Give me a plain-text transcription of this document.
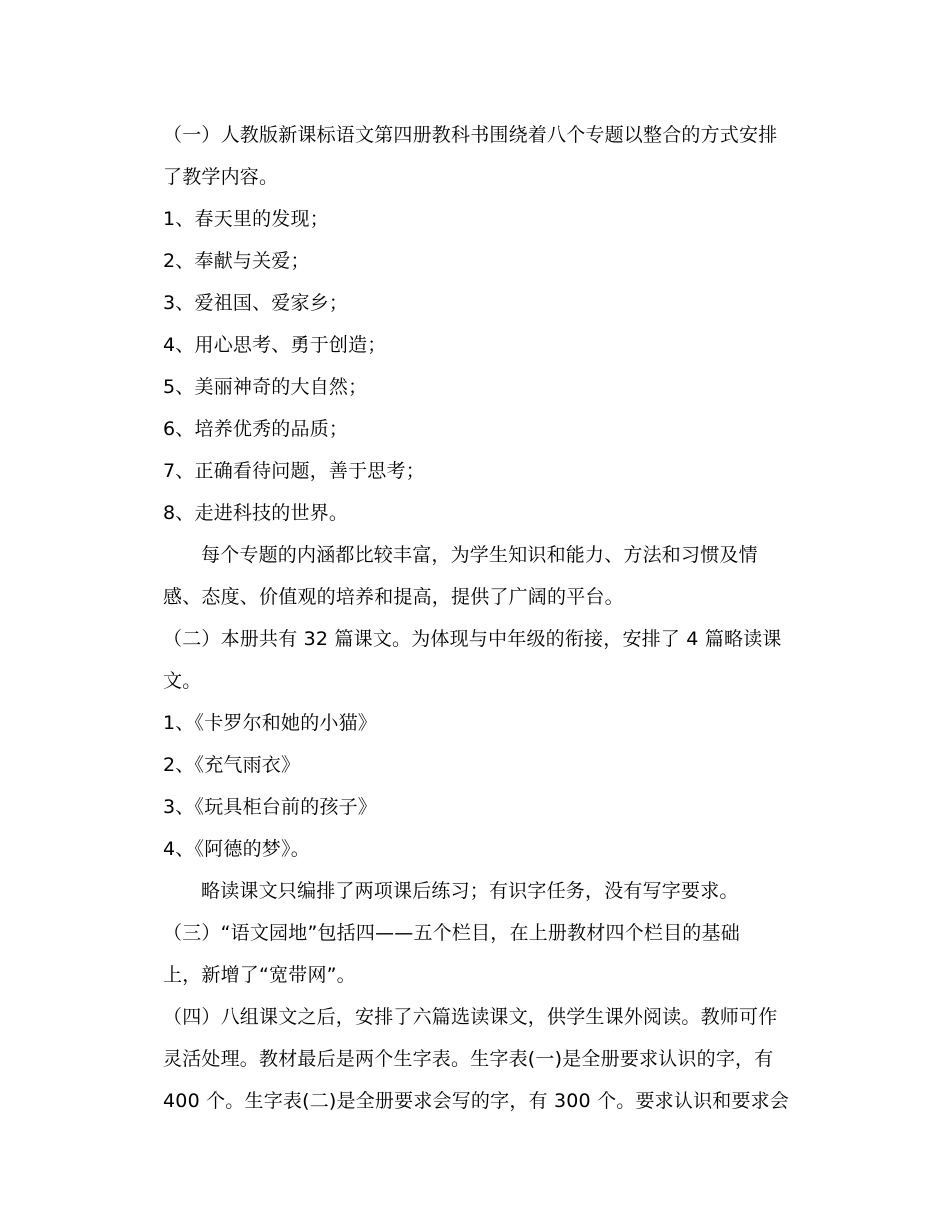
（一）人教版新课标语文第四册教科书围绕着八个专题以整合的方式安排
了教学内容。
1、春天里的发现；
2、奉献与关爱；
3、爱祖国、爱家乡；
4、用心思考、勇于创造；
5、美丽神奇的大自然；
6、培养优秀的品质；
7、正确看待问题，善于思考；
8、走进科技的世界。
每个专题的内涵都比较丰富，为学生知识和能力、方法和习惯及情
感、态度、价值观的培养和提高，提供了广阔的平台。
（二）本册共有 32 篇课文。为体现与中年级的衔接，安排了 4 篇略读课
文。
1、《卡罗尔和她的小猫》
2、《充气雨衣》
3、《玩具柜台前的孩子》
4、《阿德的梦》。
略读课文只编排了两项课后练习；有识字任务，没有写字要求。
（三）“语文园地”包括四——五个栏目，在上册教材四个栏目的基础
上，新增了“宽带网”。
（四）八组课文之后，安排了六篇选读课文，供学生课外阅读。教师可作
灵活处理。教材最后是两个生字表。生字表(一)是全册要求认识的字，有
400 个。生字表(二)是全册要求会写的字，有 300 个。要求认识和要求会
